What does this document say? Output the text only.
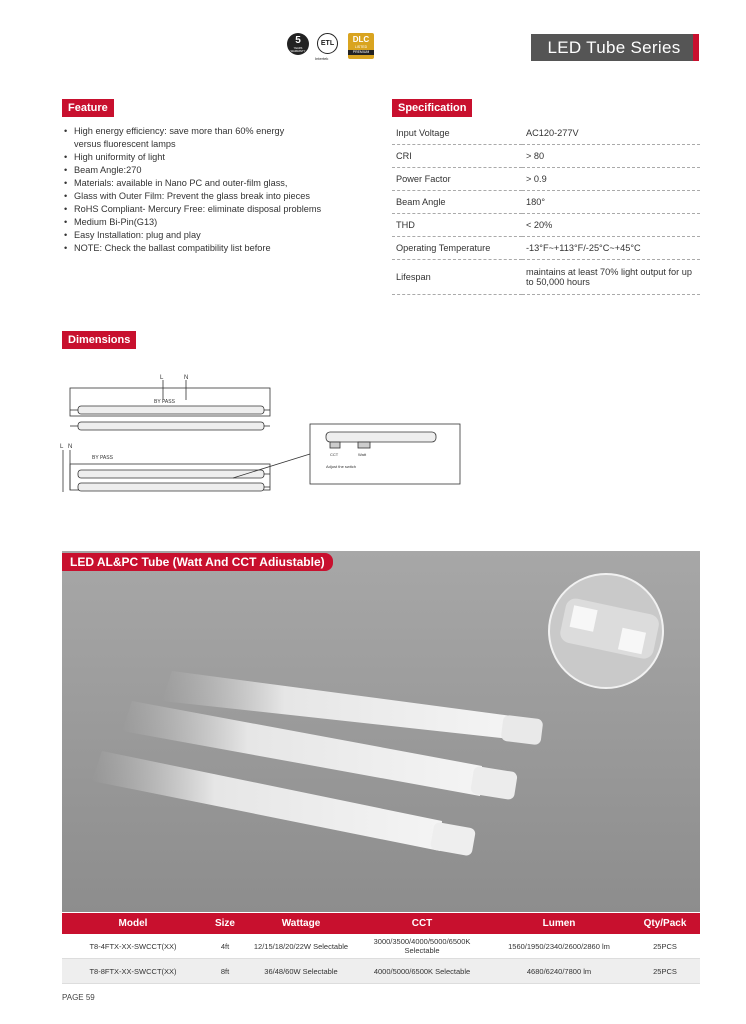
5
YEARS WARRANTY
ETL
Intertek
DLC
LISTED
PREMIUM	LED Tube Series
Feature
• High energy efficiency: save more than 60% energy
versus fluorescent lamps
• High uniformity of light
• Beam Angle:270
• Materials: available in Nano PC and outer-film glass,
• Glass with Outer Film: Prevent the glass break into pieces
• RoHS Compliant- Mercury Free: eliminate disposal problems
• Medium Bi-Pin(G13)
• Easy Installation: plug and play
• NOTE: Check the ballast compatibility list before
Specification
Input Voltage	AC120-277V
CRI	> 80
Power Factor	> 0.9
Beam Angle	180°
THD	< 20%
Operating Temperature	-13°F~+113°F/-25°C~+45°C
Lifespan	maintains at least 70% light output for up to 50,000 hours
Dimensions
L	N
BY PASS
L N
BY PASS
CCT	Watt
Adjust the switch
LED AL&PC Tube (Watt And CCT Adiustable)
Model	Size	Wattage	CCT	Lumen	Qty/Pack
T8-4FTX-XX-SWCCT(XX)	4ft	12/15/18/20/22W Selectable	3000/3500/4000/5000/6500K Selectable	1560/1950/2340/2600/2860 lm	25PCS
T8-8FTX-XX-SWCCT(XX)	8ft	36/48/60W Selectable	4000/5000/6500K Selectable	4680/6240/7800 lm	25PCS
PAGE 59
